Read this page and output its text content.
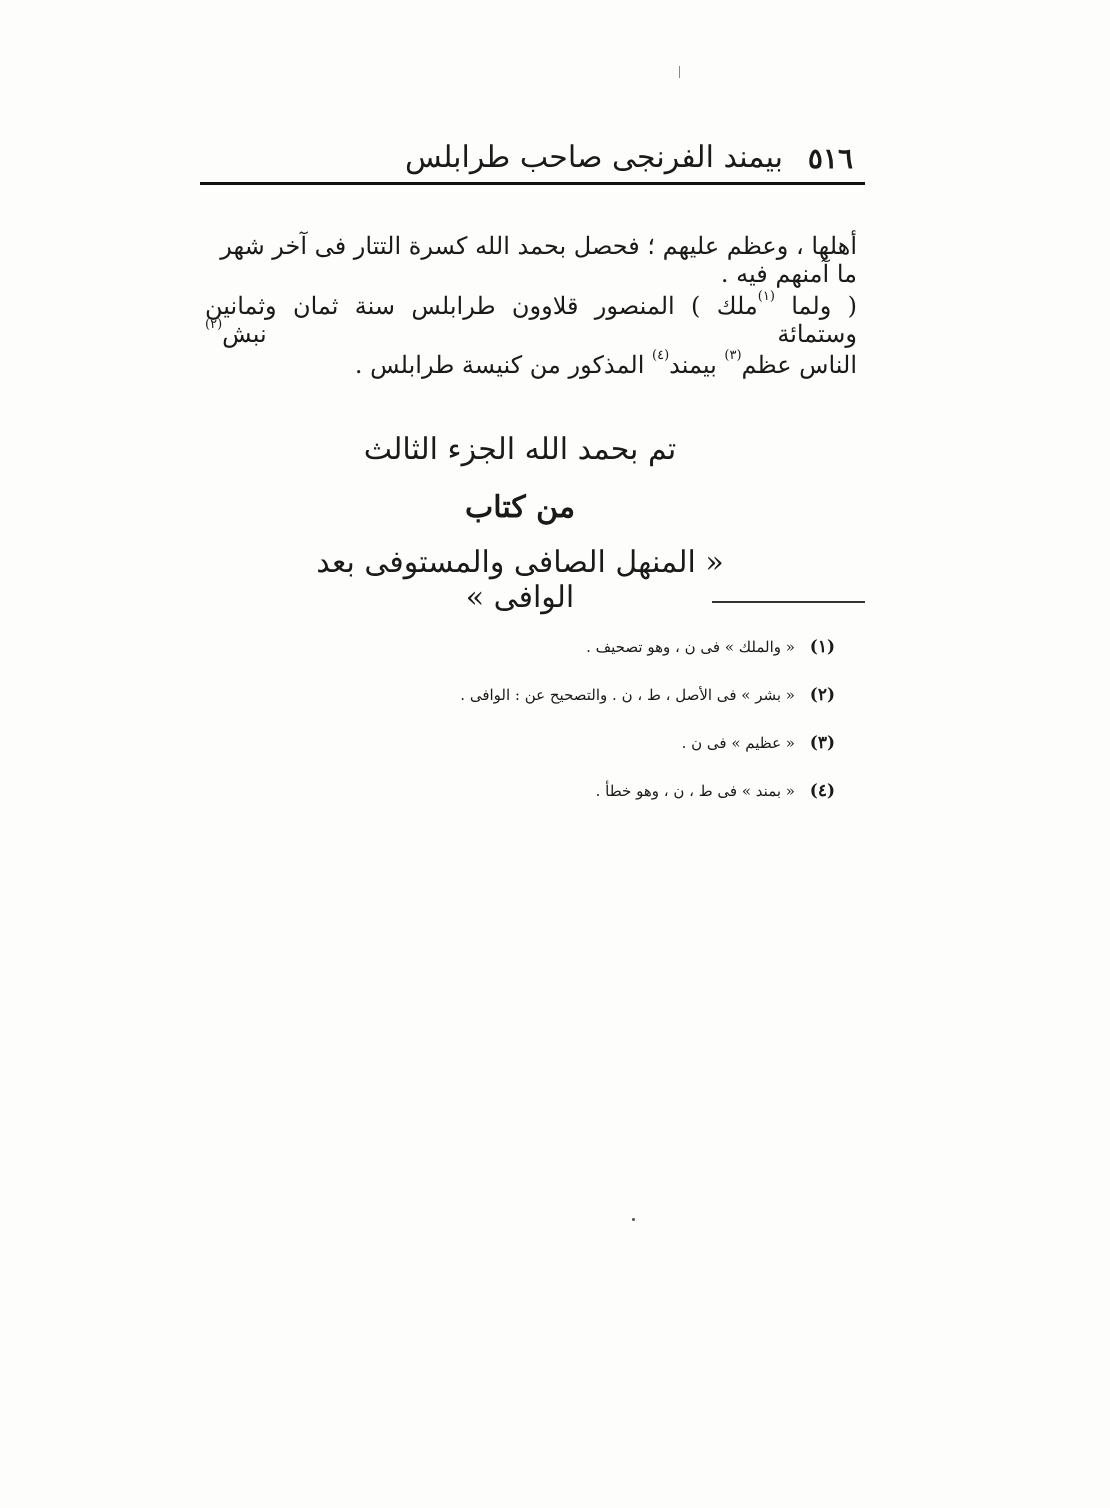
٥١٦
بيمند الفرنجى صاحب طرابلس
أهلها ، وعظم عليهم ؛ فحصل بحمد الله كسرة التتار فى آخر شهر ما آمنهم فيه .
( ولما $^{(١)}$ملك ) المنصور قلاوون طرابلس سنة ثمان وثمانين وستمائة نبش$^{(٢)}$
الناس عظم$^{(٣)}$ بيمند$^{(٤)}$ المذكور من كنيسة طرابلس .
تم بحمد الله الجزء الثالث
من كتاب
« المنهل الصافى والمستوفى بعد الوافى »
(١) « والملك » فى ن ، وهو تصحيف .
(٢) « بشر » فى الأصل ، ط ، ن . والتصحيح عن : الوافى .
(٣) « عظيم » فى ن .
(٤) « بمند » فى ط ، ن ، وهو خطأ .
